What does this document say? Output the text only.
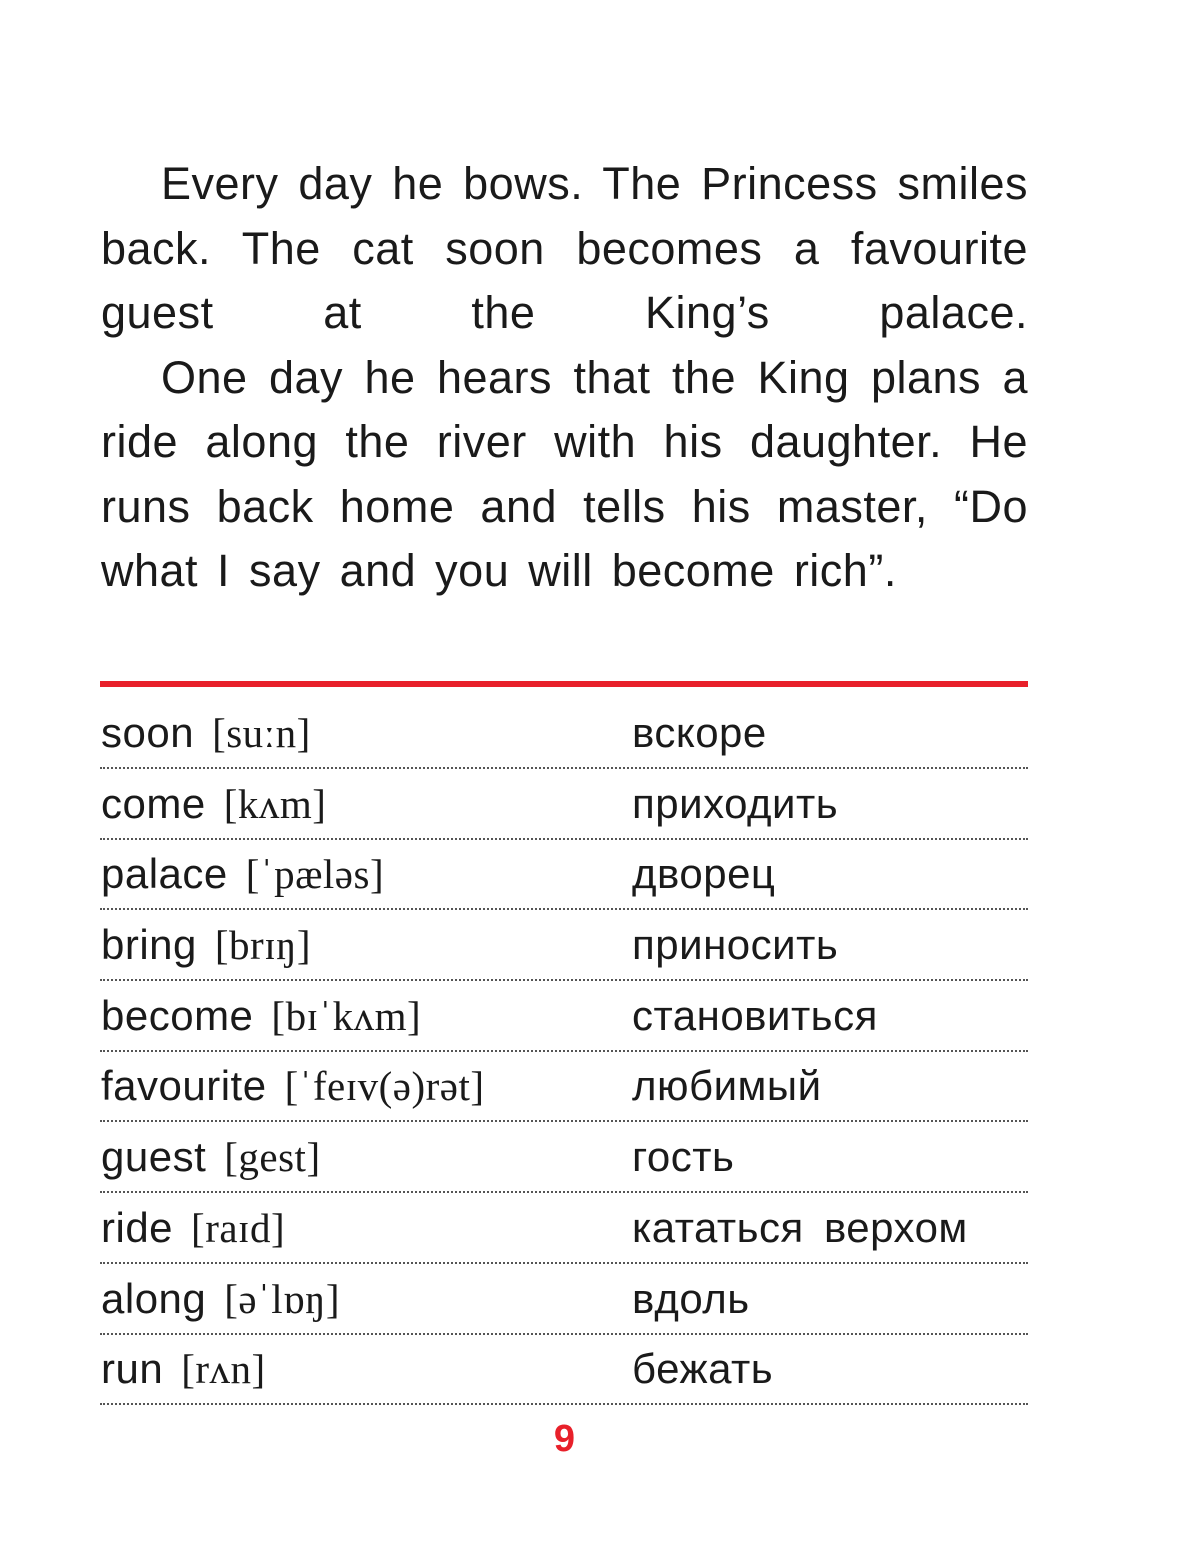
Every day he bows. The Princess smiles back. The cat soon becomes a favourite guest at the King’s palace.

One day he hears that the King plans a ride along the river with his daughter. He runs back home and tells his master, “Do what I say and you will become rich”.

soon [suːn]	вскоре
come [kʌm]	приходить
palace [ˈpæləs]	дворец
bring [brɪŋ]	приносить
become [bɪˈkʌm]	становиться
favourite [ˈfeɪv(ə)rət]	любимый
guest [gest]	гость
ride [raɪd]	кататься верхом
along [əˈlɒŋ]	вдоль
run [rʌn]	бежать
9
